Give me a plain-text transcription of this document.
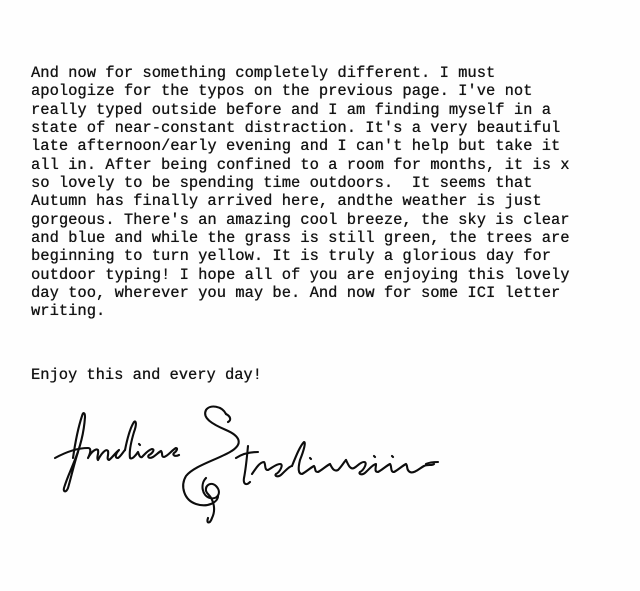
And now for something completely different. I must
apologize for the typos on the previous page. I've not
really typed outside before and I am finding myself in a
state of near-constant distraction. It's a very beautiful
late afternoon/early evening and I can't help but take it
all in. After being confined to a room for months, it is x
so lovely to be spending time outdoors.  It seems that
Autumn has finally arrived here, andthe weather is just
gorgeous. There's an amazing cool breeze, the sky is clear
and blue and while the grass is still green, the trees are
beginning to turn yellow. It is truly a glorious day for
outdoor typing! I hope all of you are enjoying this lovely
day too, wherever you may be. And now for some ICI letter
writing.
Enjoy this and every day!
